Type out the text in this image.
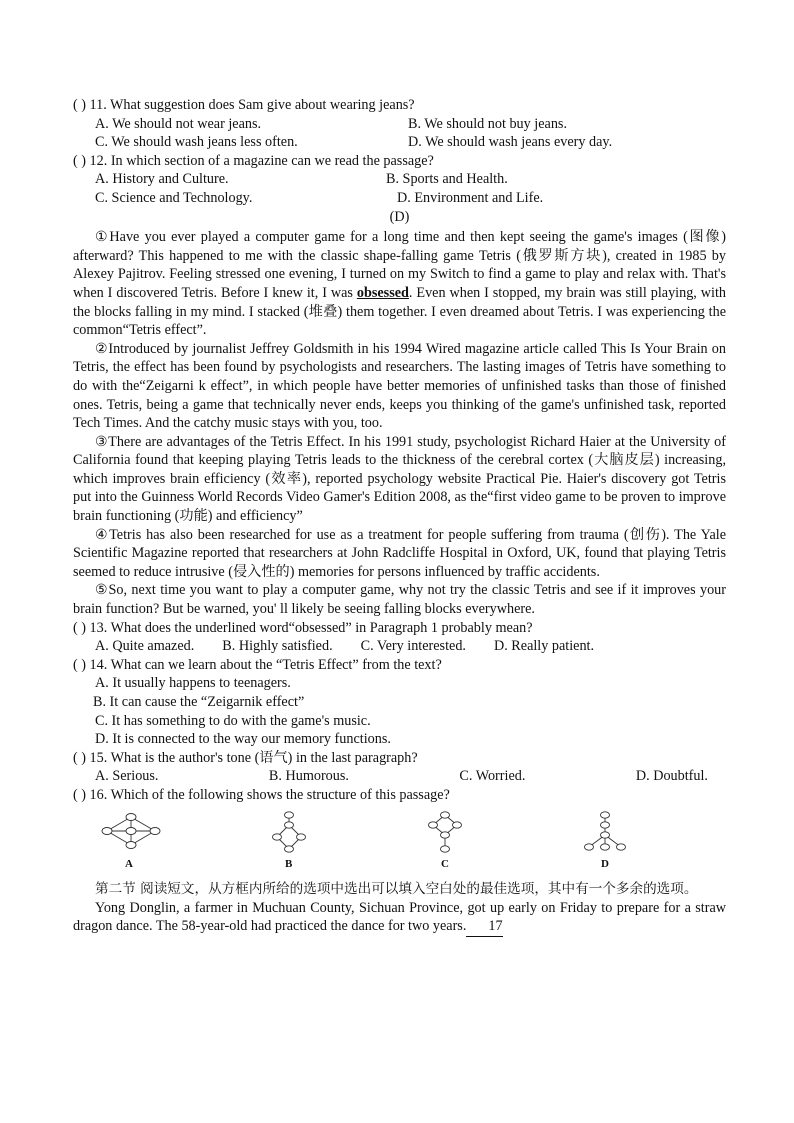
( ) 11. What suggestion does Sam give about wearing jeans?
A. We should not wear jeans.	B. We should not buy jeans.
C. We should wash jeans less often.	D. We should wash jeans every day.
( ) 12. In which section of a magazine can we read the passage?
A. History and Culture.	B. Sports and Health.
C. Science and Technology.	D. Environment and Life.
(D)

①Have you ever played a computer game for a long time and then kept seeing the game's images (图像) afterward? This happened to me with the classic shape-falling game Tetris (俄罗斯方块), created in 1985 by Alexey Pajitrov. Feeling stressed one evening, I turned on my Switch to find a game to play and relax with. That's when I discovered Tetris. Before I knew it, I was obsessed. Even when I stopped, my brain was still playing, with the blocks falling in my mind. I stacked (堆叠) them together. I even dreamed about Tetris. I was experiencing the common“Tetris effect”.

②Introduced by journalist Jeffrey Goldsmith in his 1994 Wired magazine article called This Is Your Brain on Tetris, the effect has been found by psychologists and researchers. The lasting images of Tetris have something to do with the“Zeigarni k effect”, in which people have better memories of unfinished tasks than those of finished ones. Tetris, being a game that technically never ends, keeps you thinking of the game's unfinished task, reported Tech Times. And the catchy music stays with you, too.

③There are advantages of the Tetris Effect. In his 1991 study, psychologist Richard Haier at the University of California found that keeping playing Tetris leads to the thickness of the cerebral cortex (大脑皮层) increasing, which improves brain efficiency (效率), reported psychology website Practical Pie. Haier's discovery got Tetris put into the Guinness World Records Video Gamer's Edition 2008, as the“first video game to be proven to improve brain functioning (功能) and efficiency”

④Tetris has also been researched for use as a treatment for people suffering from trauma (创伤). The Yale Scientific Magazine reported that researchers at John Radcliffe Hospital in Oxford, UK, found that playing Tetris seemed to reduce intrusive (侵入性的) memories for persons influenced by traffic accidents.

⑤So, next time you want to play a computer game, why not try the classic Tetris and see if it improves your brain function? But be warned, you' ll likely be seeing falling blocks everywhere.

( ) 13. What does the underlined word“obsessed” in Paragraph 1 probably mean?
A. Quite amazed. B. Highly satisfied. C. Very interested. D. Really patient.
( ) 14. What can we learn about the “Tetris Effect” from the text?
A. It usually happens to teenagers.
B. It can cause the “Zeigarnik effect”
C. It has something to do with the game's music.
D. It is connected to the way our memory functions.
( ) 15. What is the author's tone (语气) in the last paragraph?
A. Serious.	B. Humorous.	C. Worried.	D. Doubtful.
( ) 16. Which of the following shows the structure of this passage?
A	B	C	D
第二节 阅读短文，从方框内所给的选项中选出可以填入空白处的最佳选项，其中有一个多余的选项。

Yong Donglin, a farmer in Muchuan County, Sichuan Province, got up early on Friday to prepare for a straw dragon dance. The 58-year-old had practiced the dance for two years. 17
